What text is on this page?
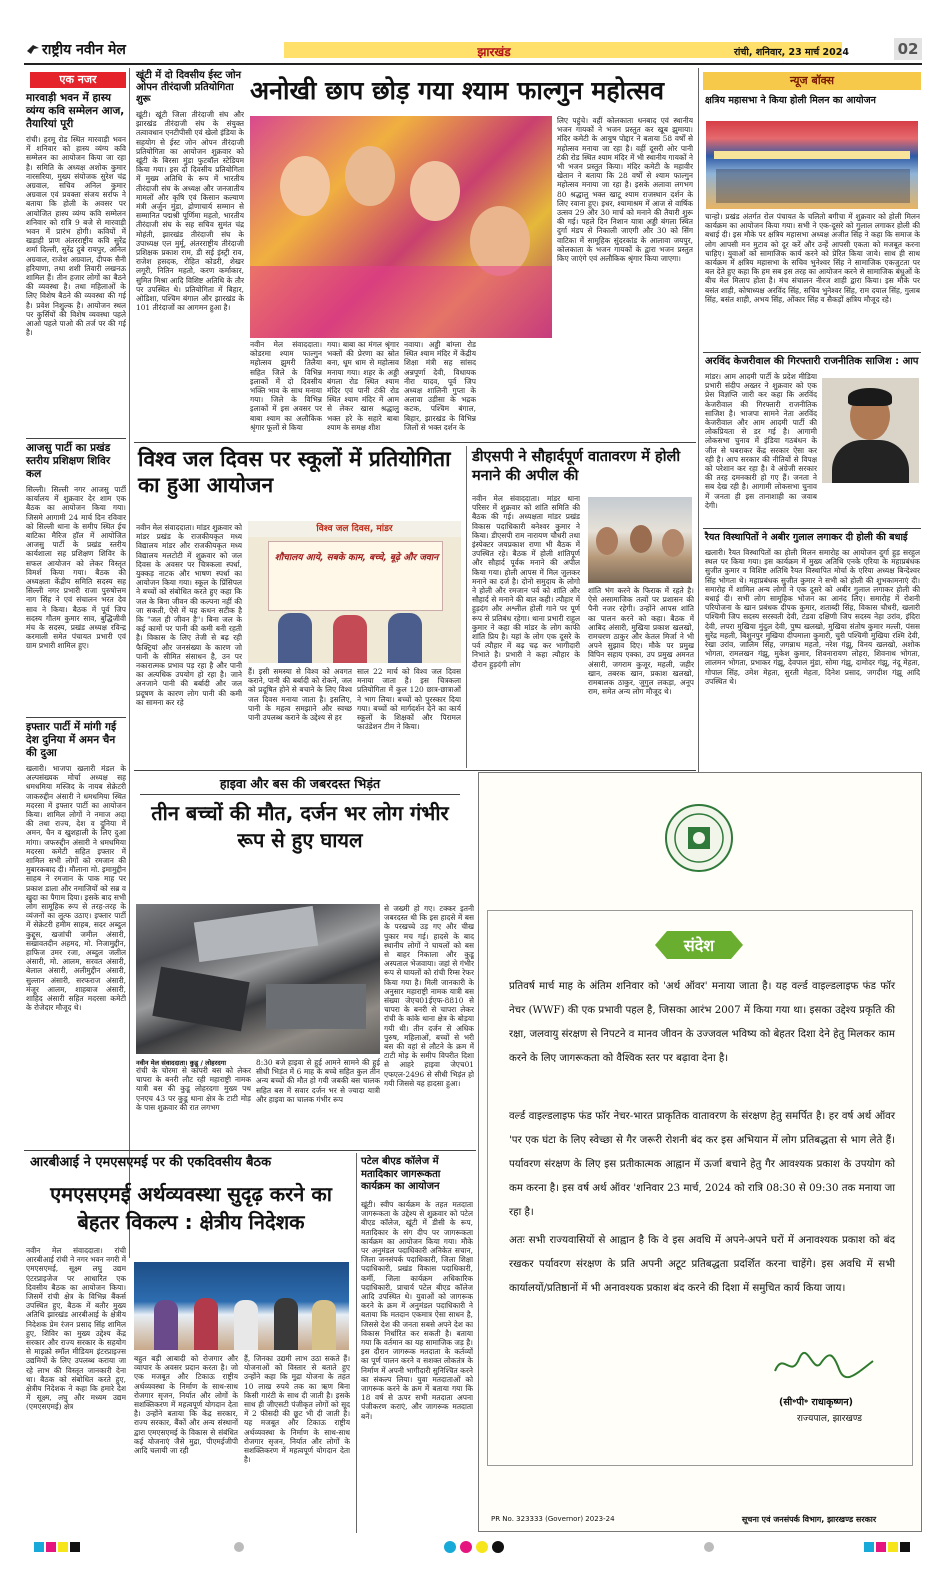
राष्ट्रीय नवीन मेल	झारखंड	रांची, शनिवार, 23 मार्च 2024	02
एक नजर
मारवाड़ी भवन में हास्य व्यंग्य कवि सम्मेलन आज, तैयारियां पूरी
रांची। हरमू रोड स्थित मारवाड़ी भवन में शनिवार को हास्य व्यंग्य कवि सम्मेलन का आयोजन किया जा रहा है। समिति के अध्यक्ष अशोक कुमार नारसरिया, मुख्य संयोजक सुरेश चंद्र अग्रवाल, सचिव अनिल कुमार अग्रवाल एवं प्रवक्ता संजय सर्राफ ने बताया कि होली के अवसर पर आयोजित हास्य व्यंग्य कवि सम्मेलन शनिवार को रात्रि 9 बजे से मारवाड़ी भवन में प्रारंभ होगी। कवियों में खड़ाही प्राण अंतरराष्ट्रीय कवि सुरेंद्र शर्मा दिल्ली, सुरेंद्र दुबे रायपुर, अनिल अग्रवाल, राजेश अग्रवाल, दीपक सैनी हरियाणा, तथा शशी तिवारी लखनऊ शामिल हैं। तीन हजार लोगों का बैठने की व्यवस्था है। तथा महिलाओं के लिए विशेष बैठने की व्यवस्था की गई है। प्रवेश निशुल्क है। आयोजन स्थल पर कुर्सियों की विशेष व्यवस्था पहले आओ पहले पाओ की तर्ज पर की गई है।
आजसु पार्टी का प्रखंड स्तरीय प्रशिक्षण शिविर कल
सिल्ली। सिल्ली नगर आजसु पार्टी कार्यालय में शुक्रवार देर शाम एक बैठक का आयोजन किया गया। जिसमे आगामी 24 मार्च दिन रविवार को सिल्ली थाना के समीप स्थित ईच बाटिका मैरिज हॉल में आयोजित आजसु पार्टी के प्रखंड स्तरीय कार्यशाला सह प्रशिक्षण शिविर के सफल आयोजन को लेकर विस्तृत विमर्श किया गया। बैठक की अध्यक्षता केंद्रीय समिति सदस्य सह सिल्ली नगर प्रभारी राजा पुरुषोत्तम नाग सिंह ने एवं संचालन भरत देव साव ने किया। बैठक में पूर्व जिप सदस्य गौतम कुमार साव, बुद्धिजीवी मंच के सदस्य, प्रखंड अध्यक्ष रविन्द्र करमाली समेत पंचायत प्रभारी एवं ग्राम प्रभारी शामिल हुए।
इफ्तार पार्टी में मांगी गई देश दुनिया में अमन चैन की दुआ
खलारी। भाजपा खलारी मंडल के अल्पसंख्यक मोर्चा अध्यक्ष सह धमधमिया मस्जिद के नायब सेक्रेटरी जाकरुद्दीन अंसारी ने धमधमिया स्थित मदरसा में इफ्तार पार्टी का आयोजन किया। शामिल लोगों ने नमाज अदा की तथा राज्य, देश व दुनिया में अमन, चैन व खुशहाली के लिए दुआ मांगा। जफरुद्दीन अंसारी ने धमधमिया मदरसा कमेटी सहित इफ्तार में शामिल सभी लोगों को रमजान की मुबारकबाद दी। मौलाना मो. इमामुद्दीन साहब ने रमजान के पाक माह पर प्रकाश डाला और नमाजियों को सब्र व खुदा का पैगाम दिया। इसके बाद सभी लोग सामूहिक रूप से तरह-तरह के व्यंजनों का लुत्फ उठाए। इफ्तार पार्टी में सेक्रेटरी हमीम साहब, सदर अब्दुल कुद्दूस, खजांची जमील अंसारी, सखावतदीन अहमद, मो. निजामुद्दीन, हाफिज उमर रजा, अब्दुल जलील अंसारी, मो. आलम, सरवत अंसारी, बेलाल अंसारी, अलीमुद्दीन अंसारी, सुल्तान अंसारी, सरफराज अंसारी, मंजूर आलम, शाहबाज अंसारी, शाहिद अंसारी सहित मदरसा कमेटी के रोजेदार मौजूद थे।
खूंटी में दो दिवसीय ईस्ट जोन ओपन तीरंदाजी प्रतियोगिता शुरू
खूंटी। खूंटी जिला तीरंदाजी संघ और झारखंड तीरंदाजी संघ के संयुक्त तत्वावधान एनटीपीसी एवं खेलो इंडिया के सहयोग से ईस्ट जोन ओपन तीरंदाजी प्रतियोगिता का आयोजन शुक्रवार को खूंटी के बिरसा मुंडा फुटबॉल स्टेडियम किया गया। इस दो दिवसीय प्रतियोगिता में मुख्य अतिथि के रूप में भारतीय तीरंदाजी संघ के अध्यक्ष और जनजातीय मामलों और कृषि एवं किसान कल्याण मंत्री अर्जुन मुंडा, द्रोणाचार्य सम्मान से सम्मानित पद्मश्री पूर्णिमा महतो, भारतीय तीरंदाजी संघ के सह सचिव सुमंत चंद्र मोहंती, झारखंड तीरंदाजी संघ के उपाध्यक्ष एल मुर्मू, अंतरराष्ट्रीय तीरंदाजी प्रशिक्षक प्रकाश राम, डी सई इंस्ट्री राव, राजेश हसदक, रोहित कोडरी, शेखर लगूरी, नितिन महतो, करण कर्माकार, सुमित मिश्रा आदि विशिष्ट अतिथि के तौर पर उपस्थित थे। प्रतियोगिता में बिहार, ओडिशा, पश्चिम बंगाल और झारखंड के 101 तीरंदाजों का आगमन हुआ है।
अनोखी छाप छोड़ गया श्याम फाल्गुन महोत्सव
नवीन मेल संवाददाता। कोडरमा श्याम फाल्गुन महोत्सव झुमरी तिलैया सहित जिले के विभिन्न इलाकों में दो दिवसीय भक्ति भाव के साथ मनाया गया। जिले के विभिन्न इलाकों में इस अवसर पर बाबा श्याम का अलौकिक श्रृंगार फूलों से किया
गया। बाबा का मंगल श्रृंगार भक्तों की प्रेरणा का स्रोत बना, धूम धाम से महोत्सव मनाया गया। शहर के अड्डी बंगला रोड स्थित श्याम मंदिर एवं पानी टंकी रोड स्थित श्याम मंदिर में आम से लेकर खास श्रद्धालु भक्त हरे के सहारे बाबा श्याम के समक्ष शीश
नवाया। अड्डी बांग्ला रोड स्थित श्याम मंदिर में केंद्रीय शिक्षा मंत्री सह सांसद अन्नपूर्णा देवी, विधायक नीरा यादव, पूर्व जिप अध्यक्ष शालिनी गुप्ता के अलावा उड़ीसा के भद्रक कटक, पश्चिम बंगाल, बिहार, झारखंड के विभिन्न जिलों से भक्त दर्शन के
लिए पहुंचे। वहीं कोलकाता धनबाद एवं स्थानीय भजन गायकों ने भजन प्रस्तुत कर खूब झुमाया। मंदिर कमेटी के आयुष पोद्दार ने बताया 58 वर्षों से महोत्सव मनाया जा रहा है। वहीं दूसरी ओर पानी टंकी रोड स्थित श्याम मंदिर में भी स्थानीय गायकों ने भी भजन प्रस्तुत किया। मंदिर कमेटी के महावीर खेतान ने बताया कि 28 वर्षों से श्याम फाल्गुन महोत्सव मनाया जा रहा है। इसके अलावा लगभग 80 श्रद्धालु भक्त खाटू श्याम राजस्थान दर्शन के लिए रवाना हुए। इधर, श्यामाश्रम में आज से वार्षिक उत्सव 29 और 30 मार्च को मनाने की तैयारी शुरू की गई। पहले दिन निशान यात्रा अड्डी बंगला स्थित दुर्गा मंडप से निकाली जाएगी और 30 को सिंग वाटिका में सामूहिक सुंदरकांड के आलावा जयपुर, कोलकाता के भजन गायकों के द्वारा भजन प्रस्तुत किए जाएंगे एवं अलौकिक श्रृंगार किया जाएगा।
न्यूज बॉक्स
क्षत्रिय महासभा ने किया होली मिलन का आयोजन
चान्हो। प्रखंड अंतर्गत रोल पंचायत के चलितो बगीचा में शुक्रवार को होली मिलन कार्यक्रम का आयोजन किया गया। सभी ने एक-दूसरे को गुलाल लगाकर होली की बधाई दी। इस मौके पर क्षत्रिय महासभा अध्यक्ष अजीत सिंह ने कहा कि समाज के लोग आपसी मन मुटाव को दूर करें और उन्हें आपसी एकता को मजबूत करना चाहिए। युवाओं को सामाजिक कार्य करने को प्रेरित किया जाये। साथ ही साथ कार्यक्रम में क्षत्रिय महासभा के सचिव भुनेश्वर सिंह ने सामाजिक एकजुटता पर बल देते हुए कहा कि हम सब इस तरह का आयोजन करने से सामाजिक बंधुओं के बीच मेल मिलाप होता है। मंच संचालन नीरज शाही द्वारा किया। इस मौके पर बसंत शाही, कोषाध्यक्ष अरविंद सिंह, सचिव भुनेश्वर सिंह, राम दयाल सिंह, गुलाब सिंह, बसंत शाही, अभय सिंह, ओंकार सिंह व सैकड़ों क्षत्रिय मौजूद रहे।
अरविंद केजरीवाल की गिरफ्तारी राजनीतिक साजिश : आप
मांडर। आम आदमी पार्टी के प्रदेश मीडिया प्रभारी संदीप अख्तर ने शुक्रवार को एक प्रेस विज्ञप्ति जारी कर कहा कि अरविंद केजरीवाल की गिरफ्तारी राजनीतिक साजिश है। भाजपा सामने नेता अरविंद केजरीवाल और आम आदमी पार्टी की लोकप्रियता से डर गई है। आगामी लोकसभा चुनाव में इंडिया गठबंधन के जीत से घबराकर केंद्र सरकार ऐसा कर रही है। आप सरकार की नीतियों से विपक्ष को परेशान कर रहा है। वे अंग्रेजी सरकार की तरह दमनकारी हो गए हैं। जनता ने सब देख रही है। आगामी लोकसभा चुनाव में जनता ही इस तानाशाही का जवाब देगी।
रैयत विस्थापितों ने अबीर गुलाल लगाकर दी होली की बधाई
खलारी। रैयत विस्थापितों का होली मिलन समारोह का आयोजन दुर्गा हुड़ सरहुल स्थल पर किया गया। इस कार्यक्रम में मुख्य अतिथि एनके एरिया के महाप्रबंधक सुजीत कुमार व विशिष्ट अतिथि रैयत विस्थापित मोर्चा के एरिया अध्यक्ष बिन्देश्वर सिंह भोगता थे। महाप्रबंधक सुजीत कुमार ने सभी को होली की शुभकामनाएं दी। समारोह में शामिल अन्य लोगों ने एक दूसरे को अबीर गुलाल लगाकर होली की बधाई दी। सभी लोग सामूहिक भोजन का आनंद लिए। समारोह में रोशनी परियोजना के खान प्रबंधक दीपक कुमार, शताब्दी सिंह, विकास चौधरी, खलारी पश्चिमी जिप सदस्य सरस्वती देवी, टंडवा दक्षिणी जिप सदस्य नेहा उरांव, इंदिरा देवी, लपरा मुखिया मुंदुल देवी, पुष्प खलखो, मुखिया संतोष कुमार मल्ली, पंसस सुरेंद्र महली, बिशुनपुर मुखिया दीपमाला कुमारी, चुरी पश्चिमी मुखिया रश्मि देवी, रेखा उरांव, जालिम सिंह, जगन्नाथ महतो, नरेश गंझू, विनय खलखो, अशोक भोगता, रामलखन गंझू, मुकेश कुमार, शिवनारायण लोहरा, शिवनाथ भोगता, लालमन भोगता, प्रभाकर गंझू, देवपाल मुंडा, सोमा गंझू, दामोदर गंझू, नंदू मेहता, गोपाल सिंह, उमेश मेहता, सुरती मेहता, दिनेश प्रसाद, जगदीश गंझू आदि उपस्थित थे।
विश्व जल दिवस पर स्कूलों में प्रतियोगिता का हुआ आयोजन
नवीन मेल संवाददाता। मांडर शुक्रवार को मांडर प्रखंड के राजकीयकृत मध्य विद्यालय मांडर और राजकीयकृत मध्य विद्यालय मलटोटी में शुक्रवार को जल दिवस के अवसर पर चित्रकला स्पर्धा, युक्कड़ नाटक और भाषण स्पर्धा का आयोजन किया गया। स्कूल के प्रिंसिपल ने बच्चों को संबोधित करते हुए कहा कि जल के बिना जीवन की कल्पना नहीं की जा सकती, ऐसे में यह कथन सटीक है कि "जल ही जीवन है"। बिना जल के कई कामों पर पानी की कमी बनी रहती है। विकास के लिए तेजी से बढ़ रही फैक्ट्रियां और जनसंख्या के कारण जो पानी के सीमित संसाधन है, उन पर नकारात्मक प्रभाव पड़ रहा है और पानी का अत्यधिक उपयोग हो रहा है। जाने अनजाने पानी की बर्बादी और जल प्रदूषण के कारण लोग पानी की कमी का सामना कर रहे
विश्व जल दिवस, मांडर
शौचालय आये, सबके काम, बच्चे, बूढ़े और जवान
हैं। इसी समस्या से विश्व को अवगत कराने, पानी की बर्बादी को रोकने, जल को प्रदूषित होने से बचाने के लिए विश्व जल दिवस मनाया जाता है। इसलिए, पानी के महत्व समझाने और स्वच्छ पानी उपलब्ध कराने के उद्देश्य से हर
साल 22 मार्च को विश्व जल दिवस मनाया जाता है। इस चित्रकला प्रतियोगिता में कुल 120 छात्र-छात्राओं ने भाग लिया। बच्चों को पुरस्कार दिया गया। बच्चों को मार्गदर्शन देने का कार्य स्कूलों के शिक्षकों और पिरामल फाउंडेशन टीम ने किया।
डीएसपी ने सौहार्दपूर्ण वातावरण में होली मनाने की अपील की
नवीन मेल संवाददाता। मांडर थाना परिसर में शुक्रवार को शांति समिति की बैठक की गई। अध्यक्षता मांडर प्रखंड विकास पदाधिकारी बनेश्वर कुमार ने किया। डीएसपी राम नारायण चौधरी तथा इंस्पेक्टर जयप्रकाश राणा भी बैठक में उपस्थित रहे। बैठक में होली शांतिपूर्ण और सौहार्द पूर्वक मनाने की अपील किया गया। होली आपस में मिल जुलकर मनाने का दर्ज है। दोनो समुदाय के लोगो ने होली और रमजान पर्व को शांति और सौहार्द से मनाने की बात कही। त्यौहार में हुड़दंग और अश्लील होली गाने पर पूर्ण रूप से प्रतिबंध रहेगा। थाना प्रभारी राहुल कुमार ने कहा की मांडर के लोग काफी शांति प्रिय है। यहां के लोग एक दूसरे के पर्व त्यौहार में बढ़ चढ़ कर भागीदारी निभाते है। प्रभारी ने कहा त्यौहार के दौरान हुड़दंगी लोग
शांति भंग करने के फिराक में रहते है। ऐसे असामाजिक तत्वों पर प्रशासन की पैनी नजर रहेगी। उन्होंने आपस शांति का पालन करने को कहा। बैठक में आबिद अंसारी, मुखिया प्रकाश खलखो, रामचरण ठाकुर और केतल मिर्जा ने भी अपने सुझाव दिए। मौके पर प्रमुख विपिन सहाय एक्का, उप प्रमुख अमनत अंसारी, जगराम कुजूर, महली, जहीर खान, तबरक खान, प्रकाश खलखो, रामबालक ठाकुर, जुगुल लकड़ा, अनूप राम, समेत अन्य लोग मौजूद थे।
हाइवा और बस की जबरदस्त भिड़ंत
तीन बच्चों की मौत, दर्जन भर लोग गंभीर रूप से हुए घायल
नवीन मेल संवाददाता। कुडू / लोहरदगा
रांची के चोरमा से कांपरी बस को लेकर चापरा के बनरी लौट रही महाराष्ट्री नामक यात्री बस की कुडू लोहरदगा मुख्य पथ एनएच 43 पर कुडू थाना क्षेत्र के टाटी मोड़ के पास शुक्रवार की रात लगभग
8:30 बजे हाइवा से हुई आमने सामने की हुई सीधी भिड़ंत में 6 माह के बच्चे सहित कुल तीन अन्य बच्चों की मौत हो गयी जबकी बस चालक सहित बस में सवार दर्जन भर से ज्यादा यात्री और हाइवा का चालक गंभीर रूप
से जख्मी हो गए। टक्कर इतनी जबरदस्त थी कि इस हादसे में बस के परखच्चे उड़ गए और चीख पुकार मच गई। हादसे के बाद स्थानीय लोगों ने घायलों को बस से बाहर निकाला और कुडू अस्पताल भेजवाया। जहां से गंभीर रूप से घायलों को रांची रिम्स रेफर किया गया है। मिली जानकारी के अनुसार महाराष्ट्री नामक यात्री बस संख्या जेएच01ईएफ-8810 से चापरा के बनरी से चापरा लेकर रांची के कांके थाना क्षेत्र के बोड़या गयी थी। तीन दर्जन से अधिक पुरुष, महिलाओं, बच्चों से भरी बस की वहां से लौटने के क्रम में टाटी मोड़ के समीप विपरीत दिशा से आहरे हाइवा जेएच01 एफएल-2496 से सीधी भिड़ंत हो गयी जिससे यह हादसा हुआ।
आरबीआई ने एमएसएमई पर की एकदिवसीय बैठक
एमएसएमई अर्थव्यवस्था सुदृढ़ करने का बेहतर विकल्प : क्षेत्रीय निदेशक
नवीन मेल संवाददाता। रांची आरबीआई रांची ने नगर भवन नगरी में एमएसएमई, सूक्ष्म लघु उद्यम एंटरप्राइजेज पर आधारित एक दिवसीय बैठक का आयोजन किया। जिसमें रांची क्षेत्र के विभिन्न बैंकर्स उपस्थित हुए, बैठक में बतौर मुख्य अतिथि झारखंड आरबीआई के क्षेत्रीय निदेशक प्रेम रंजन प्रसाद सिंह शामिल हुए, शिविर का मुख्य उद्देश्य केंद्र सरकार और राज्य सरकार के सहयोग से माइक्रो स्मॉल मीडियम इंटरप्राइज्स उद्यमियों के लिए उपलब्ध कराया जा रहे लाभ की विस्तृत जानकारी देना था। बैठक को संबोधित करते हुए, क्षेत्रीय निदेशक ने कहा कि हमारे देश में सूक्ष्म, लघु और मध्यम उद्यम (एमएसएमई) क्षेत्र
बहुत बड़ी आबादी को रोजगार और व्यापार के अवसर प्रदान करता है। जो एक मजबूत और टिकाऊ राष्ट्रीय अर्थव्यवस्था के निर्माण के साथ-साथ रोजगार सृजन, निर्यात और लोगों के सशक्तिकरण में महत्वपूर्ण योगदान देता है। उन्होंने बताया कि केंद्र सरकार, राज्य सरकार, बैंकों और अन्य संस्थानों द्वारा एमएसएमई के विकास से संबंधित कई योजनाएं जैसे मुद्रा, पीएमईजीपी आदि चलायी जा रही
हैं, जिनका उद्यमी लाभ उठा सकते हैं। योजनाओं को विस्तार से बताते हुए उन्होंने कहा कि मुद्रा योजना के तहत 10 लाख रुपये तक का ऋण बिना किसी गारंटी के साथ दी जाती है। इसके साथ ही जीएसटी पंजीकृत लोगों को सूद में 2 फीसदी की छूट भी दी जाती है। यह मजबूत और टिकाऊ राष्ट्रीय अर्थव्यवस्था के निर्माण के साथ-साथ रोजगार सृजन, निर्यात और लोगों के सशक्तिकरण में महत्वपूर्ण योगदान देता है।
पटेल बीएड कॉलेज में मतादिकार जागरूकता कार्यक्रम का आयोजन
खूंटी। स्वीप कार्यक्रम के तहत मतदाता जागरूकता के उद्देश्य से शुक्रवार को पटेल बीएड कॉलेज, खूंटी में डीसी के रूप, मतादिकार के संग दीप पर जागरूकता कार्यक्रम का आयोजन किया गया। मौके पर अनुमंडल पदाधिकारी अनिकेत सचान, जिला जनसंपर्क पदाधिकारी, जिला शिक्षा पदाधिकारी, प्रखंड विकास पदाधिकारी, कर्मी, जिला कार्यक्रम अधिकारिक पदाधिकारी, प्राचार्य पटेल बीएड कॉलेज आदि उपस्थित थे। युवाओं को जागरूक करने के क्रम में अनुमंडल पदाधिकारी ने बताया कि मतदान एकमात्र ऐसा साधन है, जिससे देश की जनता सबसे अपने देश का विकास निर्धारित कर सकती है। बताया गया कि वर्तमान का यह सामाजिक जड़ है। इस दौरान जागरूक मतदाता के कर्तव्यों का पूर्ण पालन करने व सशक्त लोकतंत्र के निर्माण में अपनी भागीदारी सुनिश्चित करने का संकल्प लिया। युवा मतदाताओं को जागरूक करने के क्रम में बताया गया कि 18 वर्ष से ऊपर सभी मतदाता अपना पंजीकरण कराएं, और जागरूक मतदाता बनें।
संदेश
प्रतिवर्ष मार्च माह के अंतिम शनिवार को 'अर्थ ऑवर' मनाया जाता है। यह वर्ल्ड वाइल्डलाइफ फंड फॉर नेचर (WWF) की एक प्रभावी पहल है, जिसका आरंभ 2007 में किया गया था। इसका उद्देश्य प्रकृति की रक्षा, जलवायु संरक्षण से निपटने व मानव जीवन के उज्जवल भविष्य को बेहतर दिशा देने हेतु मिलकर काम करने के लिए जागरूकता को वैश्विक स्तर पर बढ़ावा देना है।
वर्ल्ड वाइल्डलाइफ फंड फॉर नेचर-भारत प्राकृतिक वातावरण के संरक्षण हेतु समर्पित है। हर वर्ष अर्थ ऑवर 'पर एक घंटा के लिए स्वेच्छा से गैर जरूरी रोशनी बंद कर इस अभियान में लोग प्रतिबद्धता से भाग लेते हैं। पर्यावरण संरक्षण के लिए इस प्रतीकात्मक आह्वान में ऊर्जा बचाने हेतु गैर आवश्यक प्रकाश के उपयोग को कम करना है। इस वर्ष अर्थ ऑवर 'शनिवार 23 मार्च, 2024 को रात्रि 08:30 से 09:30 तक मनाया जा रहा है।
अतः सभी राज्यवासियों से आह्वान है कि वे इस अवधि में अपने-अपने घरों में अनावश्यक प्रकाश को बंद रखकर पर्यावरण संरक्षण के प्रति अपनी अटूट प्रतिबद्धता प्रदर्शित करना चाहेंगे। इस अवधि में सभी कार्यालयों/प्रतिष्ठानों में भी अनावश्यक प्रकाश बंद करने की दिशा में समुचित कार्य किया जाय।
(सी॰पी॰ राधाकृष्णन)
राज्यपाल, झारखण्ड
PR No. 323333 (Governor) 2023-24	सूचना एवं जनसंपर्क विभाग, झारखण्ड सरकार
